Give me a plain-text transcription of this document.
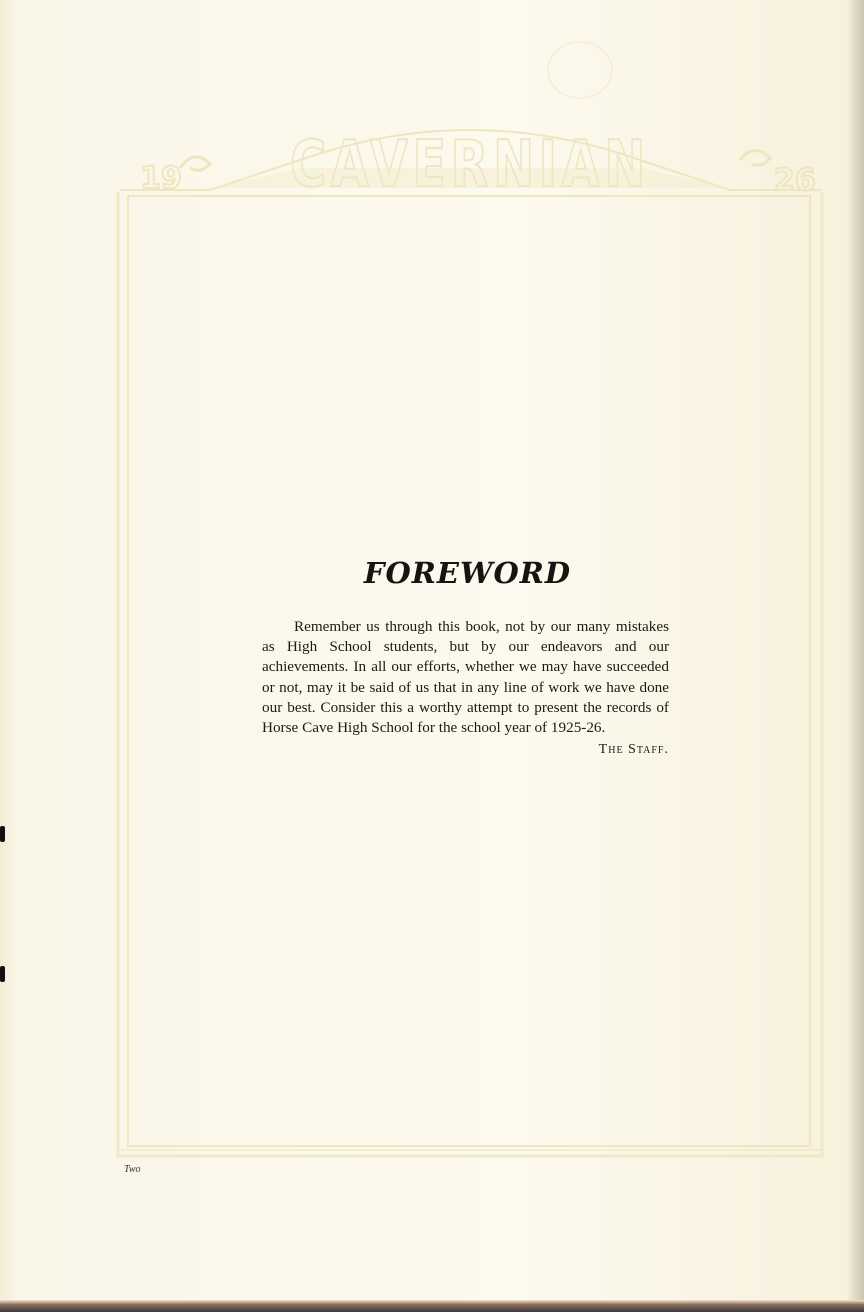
CAVERNIAN
19	26
FOREWORD

Remember us through this book, not by our many mistakes as High School students, but by our endeavors and our achievements. In all our efforts, whether we may have succeeded or not, may it be said of us that in any line of work we have done our best. Consider this a worthy attempt to present the records of Horse Cave High School for the school year of 1925-26.

The Staff.
Two
